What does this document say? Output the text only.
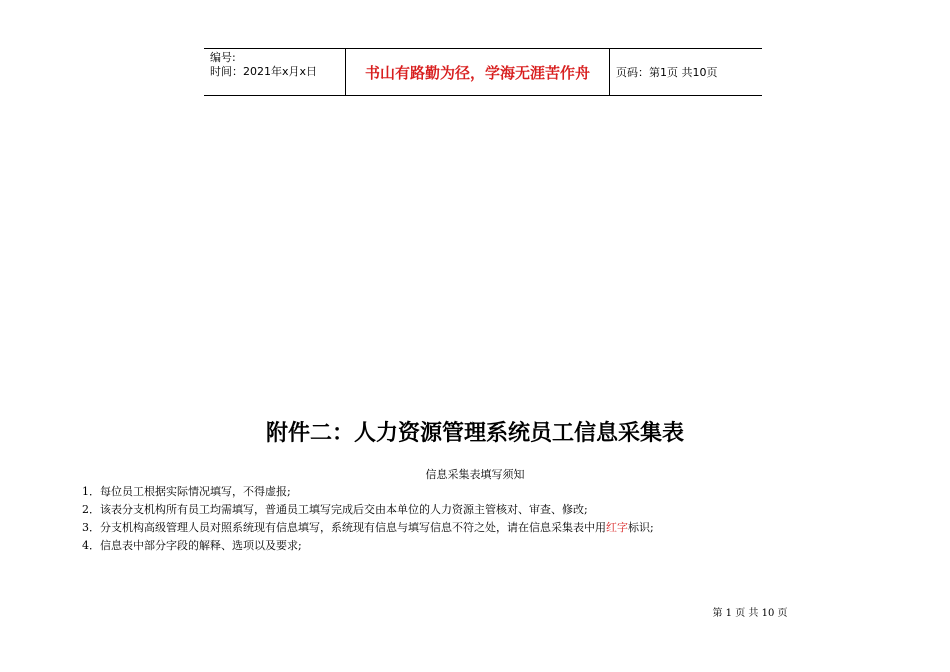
编号:
时间：2021年x月x日	书山有路勤为径，学海无涯苦作舟	页码：第1页 共10页
附件二：人力资源管理系统员工信息采集表
信息采集表填写须知
1．每位员工根据实际情况填写，不得虚报;
2．该表分支机构所有员工均需填写，普通员工填写完成后交由本单位的人力资源主管核对、审查、修改;
3．分支机构高级管理人员对照系统现有信息填写，系统现有信息与填写信息不符之处，请在信息采集表中用红字标识;
4．信息表中部分字段的解释、选项以及要求;
第 1 页 共 10 页
